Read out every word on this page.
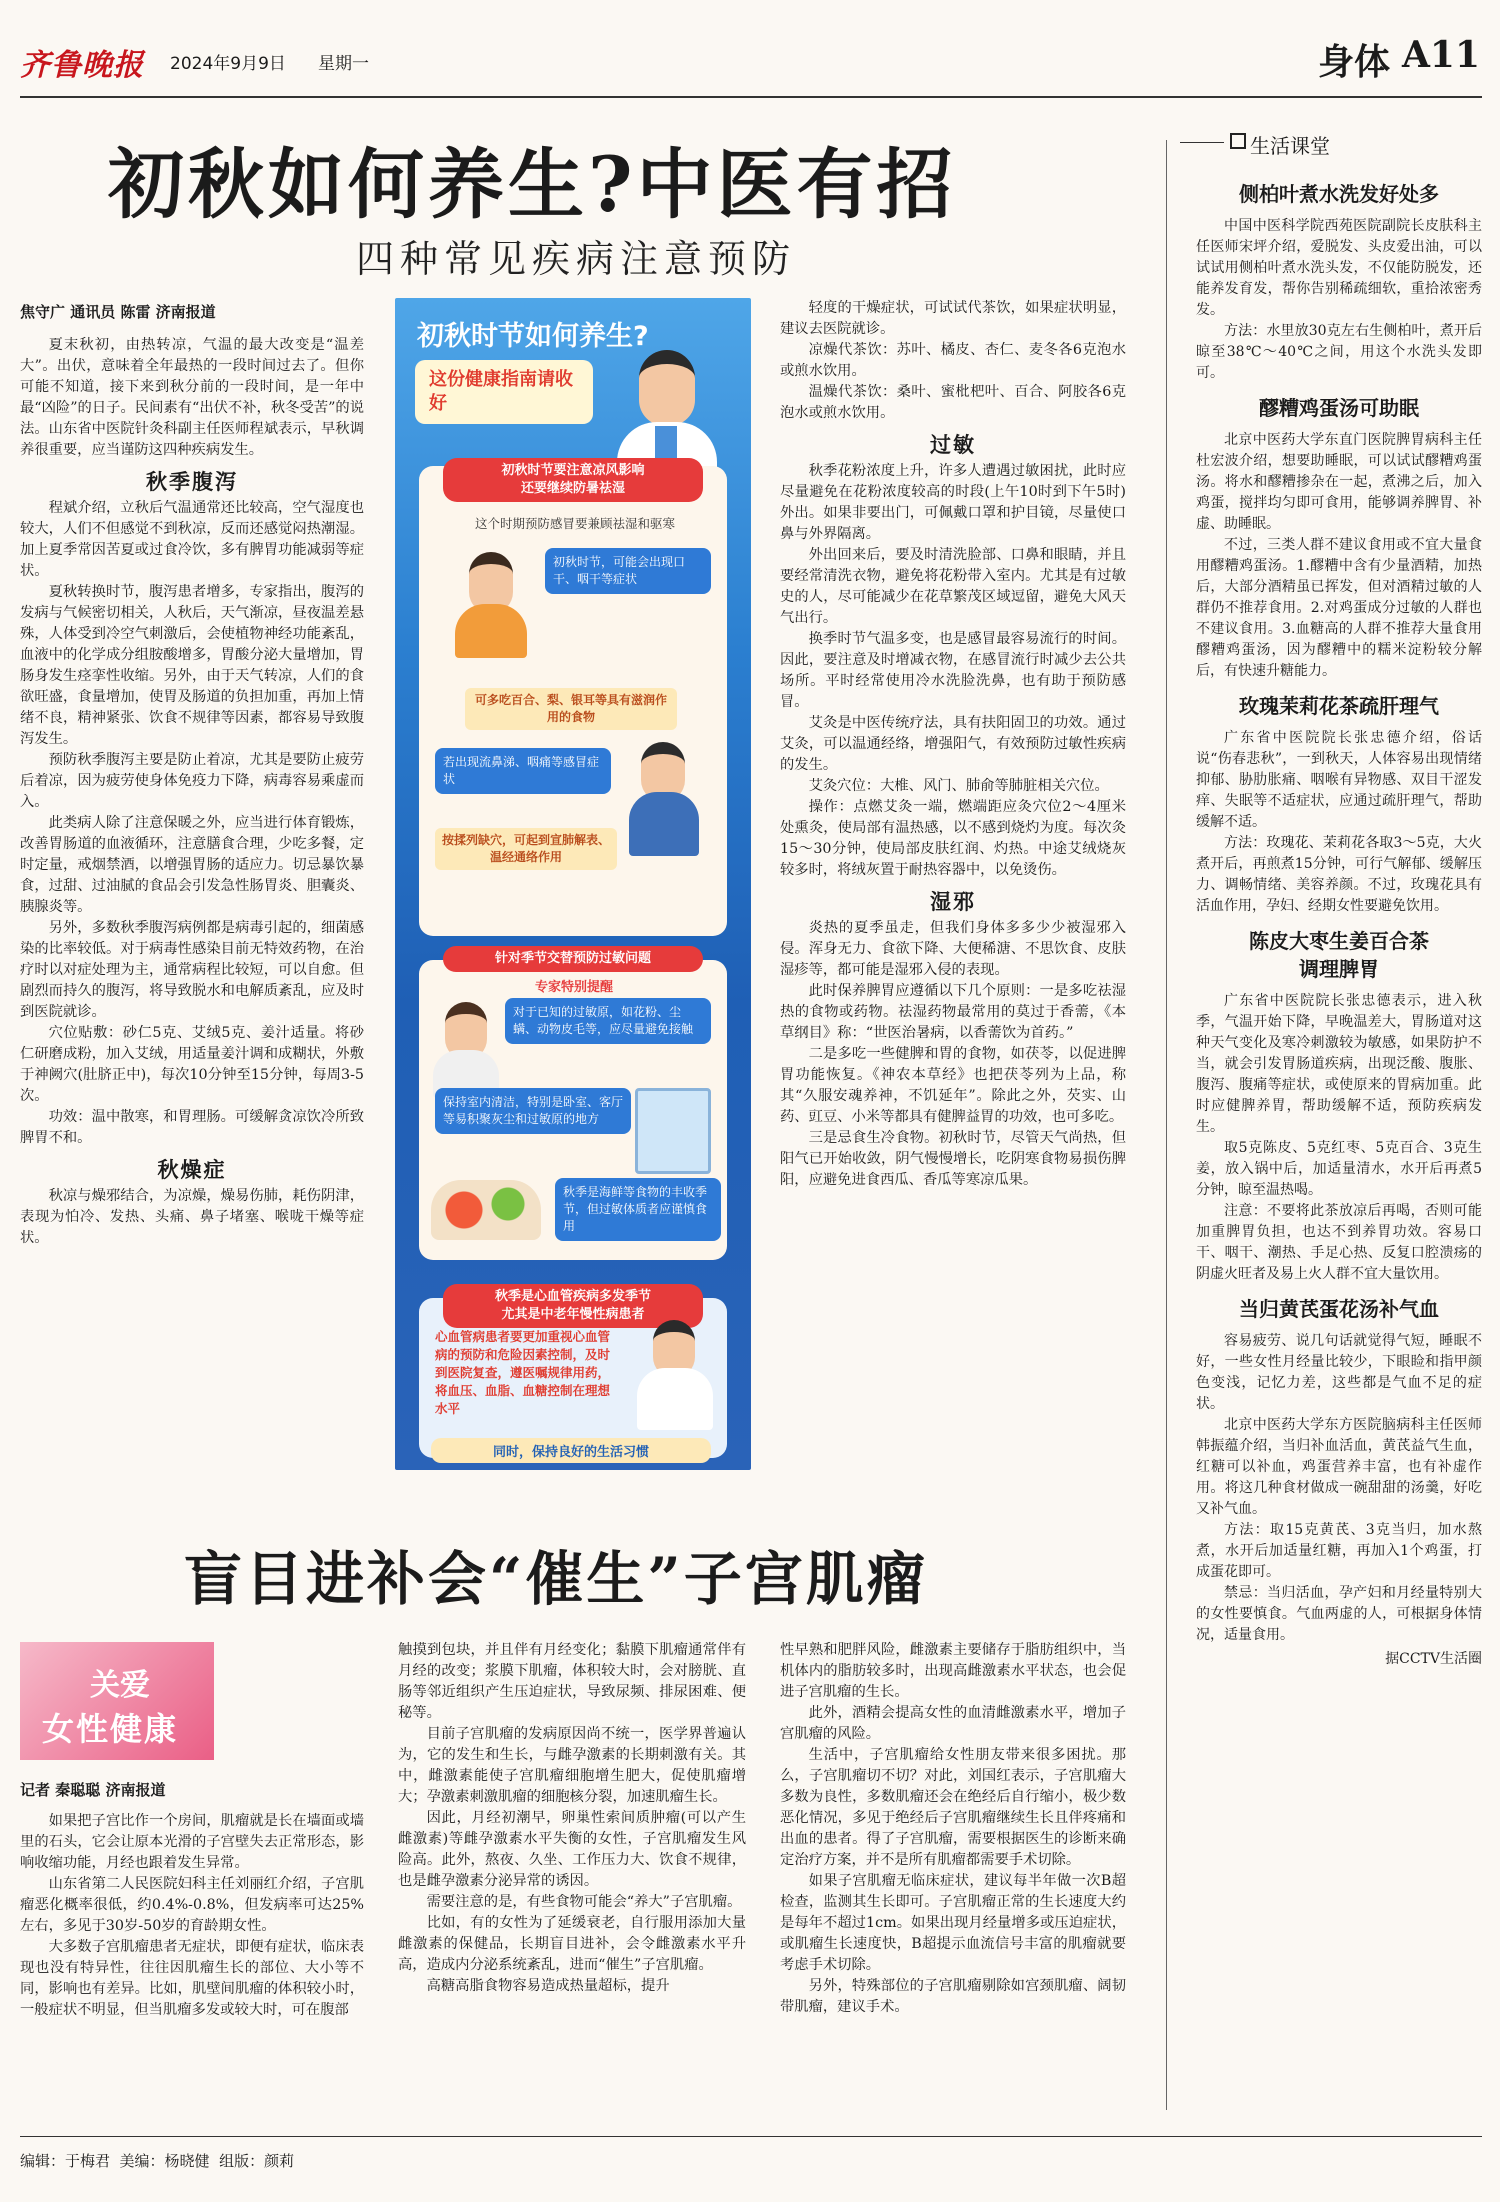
齐鲁晚报 2024年9月9日 星期一	身体 A11
初秋如何养生?中医有招
四种常见疾病注意预防
焦守广 通讯员 陈雷 济南报道

夏末秋初，由热转凉，气温的最大改变是“温差大”。出伏，意味着全年最热的一段时间过去了。但你可能不知道，接下来到秋分前的一段时间，是一年中最“凶险”的日子。民间素有“出伏不补，秋冬受苦”的说法。山东省中医院针灸科副主任医师程斌表示，早秋调养很重要，应当谨防这四种疾病发生。

秋季腹泻

程斌介绍，立秋后气温通常还比较高，空气湿度也较大，人们不但感觉不到秋凉，反而还感觉闷热潮湿。加上夏季常因苦夏或过食冷饮，多有脾胃功能减弱等症状。

夏秋转换时节，腹泻患者增多，专家指出，腹泻的发病与气候密切相关，人秋后，天气渐凉，昼夜温差悬殊，人体受到冷空气刺激后，会使植物神经功能紊乱，血液中的化学成分组胺酸增多，胃酸分泌大量增加，胃肠身发生痉挛性收缩。另外，由于天气转凉，人们的食欲旺盛，食量增加，使胃及肠道的负担加重，再加上情绪不良，精神紧张、饮食不规律等因素，都容易导致腹泻发生。

预防秋季腹泻主要是防止着凉，尤其是要防止疲劳后着凉，因为疲劳使身体免疫力下降，病毒容易乘虚而入。

此类病人除了注意保暖之外，应当进行体育锻炼，改善胃肠道的血液循环，注意膳食合理，少吃多餐，定时定量，戒烟禁酒，以增强胃肠的适应力。切忌暴饮暴食，过甜、过油腻的食品会引发急性肠胃炎、胆囊炎、胰腺炎等。

另外，多数秋季腹泻病例都是病毒引起的，细菌感染的比率较低。对于病毒性感染目前无特效药物，在治疗时以对症处理为主，通常病程比较短，可以自愈。但剧烈而持久的腹泻，将导致脱水和电解质紊乱，应及时到医院就诊。

穴位贴敷：砂仁5克、艾绒5克、姜汁适量。将砂仁研磨成粉，加入艾绒，用适量姜汁调和成糊状，外敷于神阙穴(肚脐正中)，每次10分钟至15分钟，每周3-5次。

功效：温中散寒，和胃理肠。可缓解贪凉饮冷所致脾胃不和。

秋燥症

秋凉与燥邪结合，为凉燥，燥易伤肺，耗伤阴津，表现为怕冷、发热、头痛、鼻子堵塞、喉咙干燥等症状。

初秋时节如何养生?
这份健康指南请收好
初秋时节要注意凉风影响
还要继续防暑祛湿
这个时期预防感冒要兼顾祛湿和驱寒
初秋时节，可能会出现口干、咽干等症状
可多吃百合、梨、银耳等具有滋润作用的食物
若出现流鼻涕、咽痛等感冒症状
按揉列缺穴，可起到宣肺解表、温经通络作用
针对季节交替预防过敏问题
专家特别提醒
对于已知的过敏原，如花粉、尘螨、动物皮毛等，应尽量避免接触
保持室内清洁，特别是卧室、客厅等易积聚灰尘和过敏原的地方
秋季是海鲜等食物的丰收季节，但过敏体质者应谨慎食用
秋季是心血管疾病多发季节
尤其是中老年慢性病患者
心血管病患者要更加重视心血管病的预防和危险因素控制，及时到医院复查，遵医嘱规律用药，将血压、血脂、血糖控制在理想水平
同时，保持良好的生活习惯

轻度的干燥症状，可试试代茶饮，如果症状明显，建议去医院就诊。

凉燥代茶饮：苏叶、橘皮、杏仁、麦冬各6克泡水或煎水饮用。

温燥代茶饮：桑叶、蜜枇杷叶、百合、阿胶各6克泡水或煎水饮用。

过敏

秋季花粉浓度上升，许多人遭遇过敏困扰，此时应尽量避免在花粉浓度较高的时段(上午10时到下午5时)外出。如果非要出门，可佩戴口罩和护目镜，尽量使口鼻与外界隔离。

外出回来后，要及时清洗脸部、口鼻和眼睛，并且要经常清洗衣物，避免将花粉带入室内。尤其是有过敏史的人，尽可能减少在花草繁茂区域逗留，避免大风天气出行。

换季时节气温多变，也是感冒最容易流行的时间。因此，要注意及时增减衣物，在感冒流行时减少去公共场所。平时经常使用冷水洗脸洗鼻，也有助于预防感冒。

艾灸是中医传统疗法，具有扶阳固卫的功效。通过艾灸，可以温通经络，增强阳气，有效预防过敏性疾病的发生。

艾灸穴位：大椎、风门、肺俞等肺脏相关穴位。

操作：点燃艾灸一端，燃端距应灸穴位2～4厘米处熏灸，使局部有温热感，以不感到烧灼为度。每次灸15～30分钟，使局部皮肤红润、灼热。中途艾绒烧灰较多时，将绒灰置于耐热容器中，以免烫伤。

湿邪

炎热的夏季虽走，但我们身体多多少少被湿邪入侵。浑身无力、食欲下降、大便稀溏、不思饮食、皮肤湿疹等，都可能是湿邪入侵的表现。

此时保养脾胃应遵循以下几个原则：一是多吃祛湿热的食物或药物。祛湿药物最常用的莫过于香薷，《本草纲目》称：“世医治暑病，以香薷饮为首药。”

二是多吃一些健脾和胃的食物，如茯苓，以促进脾胃功能恢复。《神农本草经》也把茯苓列为上品，称其“久服安魂养神，不饥延年”。除此之外，芡实、山药、豇豆、小米等都具有健脾益胃的功效，也可多吃。

三是忌食生冷食物。初秋时节，尽管天气尚热，但阳气已开始收敛，阴气慢慢增长，吃阴寒食物易损伤脾阳，应避免进食西瓜、香瓜等寒凉瓜果。

盲目进补会“催生”子宫肌瘤
关爱
女性健康
记者 秦聪聪 济南报道

如果把子宫比作一个房间，肌瘤就是长在墙面或墙里的石头，它会让原本光滑的子宫壁失去正常形态，影响收缩功能，月经也跟着发生异常。

山东省第二人民医院妇科主任刘丽红介绍，子宫肌瘤恶化概率很低，约0.4%-0.8%，但发病率可达25%左右，多见于30岁-50岁的育龄期女性。

大多数子宫肌瘤患者无症状，即便有症状，临床表现也没有特异性，往往因肌瘤生长的部位、大小等不同，影响也有差异。比如，肌壁间肌瘤的体积较小时，一般症状不明显，但当肌瘤多发或较大时，可在腹部

触摸到包块，并且伴有月经变化；黏膜下肌瘤通常伴有月经的改变；浆膜下肌瘤，体积较大时，会对膀胱、直肠等邻近组织产生压迫症状，导致尿频、排尿困难、便秘等。

目前子宫肌瘤的发病原因尚不统一，医学界普遍认为，它的发生和生长，与雌孕激素的长期刺激有关。其中，雌激素能使子宫肌瘤细胞增生肥大，促使肌瘤增大；孕激素刺激肌瘤的细胞核分裂，加速肌瘤生长。

因此，月经初潮早，卵巢性索间质肿瘤(可以产生雌激素)等雌孕激素水平失衡的女性，子宫肌瘤发生风险高。此外，熬夜、久坐、工作压力大、饮食不规律，也是雌孕激素分泌异常的诱因。

需要注意的是，有些食物可能会“养大”子宫肌瘤。

比如，有的女性为了延缓衰老，自行服用添加大量雌激素的保健品，长期盲目进补，会令雌激素水平升高，造成内分泌系统紊乱，进而“催生”子宫肌瘤。

高糖高脂食物容易造成热量超标，提升

性早熟和肥胖风险，雌激素主要储存于脂肪组织中，当机体内的脂肪较多时，出现高雌激素水平状态，也会促进子宫肌瘤的生长。

此外，酒精会提高女性的血清雌激素水平，增加子宫肌瘤的风险。

生活中，子宫肌瘤给女性朋友带来很多困扰。那么，子宫肌瘤切不切？对此，刘国红表示，子宫肌瘤大多数为良性，多数肌瘤还会在绝经后自行缩小，极少数恶化情况，多见于绝经后子宫肌瘤继续生长且伴疼痛和出血的患者。得了子宫肌瘤，需要根据医生的诊断来确定治疗方案，并不是所有肌瘤都需要手术切除。

如果子宫肌瘤无临床症状，建议每半年做一次B超检查，监测其生长即可。子宫肌瘤正常的生长速度大约是每年不超过1cm。如果出现月经量增多或压迫症状，或肌瘤生长速度快，B超提示血流信号丰富的肌瘤就要考虑手术切除。

另外，特殊部位的子宫肌瘤剔除如宫颈肌瘤、阔韧带肌瘤，建议手术。

生活课堂
侧柏叶煮水洗发好处多

中国中医科学院西苑医院副院长皮肤科主任医师宋坪介绍，爱脱发、头皮爱出油，可以试试用侧柏叶煮水洗头发，不仅能防脱发，还能养发育发，帮你告别稀疏细软，重拾浓密秀发。

方法：水里放30克左右生侧柏叶，煮开后晾至38℃～40℃之间，用这个水洗头发即可。

醪糟鸡蛋汤可助眠

北京中医药大学东直门医院脾胃病科主任杜宏波介绍，想要助睡眠，可以试试醪糟鸡蛋汤。将水和醪糟掺杂在一起，煮沸之后，加入鸡蛋，搅拌均匀即可食用，能够调养脾胃、补虚、助睡眠。

不过，三类人群不建议食用或不宜大量食用醪糟鸡蛋汤。1.醪糟中含有少量酒精，加热后，大部分酒精虽已挥发，但对酒精过敏的人群仍不推荐食用。2.对鸡蛋成分过敏的人群也不建议食用。3.血糖高的人群不推荐大量食用醪糟鸡蛋汤，因为醪糟中的糯米淀粉较分解后，有快速升糖能力。

玫瑰茉莉花茶疏肝理气

广东省中医院院长张忠德介绍，俗话说“伤春悲秋”，一到秋天，人体容易出现情绪抑郁、胁肋胀痛、咽喉有异物感、双目干涩发痒、失眠等不适症状，应通过疏肝理气，帮助缓解不适。

方法：玫瑰花、茉莉花各取3～5克，大火煮开后，再煎煮15分钟，可行气解郁、缓解压力、调畅情绪、美容养颜。不过，玫瑰花具有活血作用，孕妇、经期女性要避免饮用。

陈皮大枣生姜百合茶
调理脾胃

广东省中医院院长张忠德表示，进入秋季，气温开始下降，早晚温差大，胃肠道对这种天气变化及寒冷刺激较为敏感，如果防护不当，就会引发胃肠道疾病，出现泛酸、腹胀、腹泻、腹痛等症状，或使原来的胃病加重。此时应健脾养胃，帮助缓解不适，预防疾病发生。

取5克陈皮、5克红枣、5克百合、3克生姜，放入锅中后，加适量清水，水开后再煮5分钟，晾至温热喝。

注意：不要将此茶放凉后再喝，否则可能加重脾胃负担，也达不到养胃功效。容易口干、咽干、潮热、手足心热、反复口腔溃疡的阴虚火旺者及易上火人群不宜大量饮用。

当归黄芪蛋花汤补气血

容易疲劳、说几句话就觉得气短，睡眠不好，一些女性月经量比较少，下眼睑和指甲颜色变浅，记忆力差，这些都是气血不足的症状。

北京中医药大学东方医院脑病科主任医师韩振蕴介绍，当归补血活血，黄芪益气生血，红糖可以补血，鸡蛋营养丰富，也有补虚作用。将这几种食材做成一碗甜甜的汤羹，好吃又补气血。

方法：取15克黄芪、3克当归，加水熬煮，水开后加适量红糖，再加入1个鸡蛋，打成蛋花即可。

禁忌：当归活血，孕产妇和月经量特别大的女性要慎食。气血两虚的人，可根据身体情况，适量食用。

据CCTV生活圈
编辑：于梅君  美编：杨晓健  组版：颜莉
